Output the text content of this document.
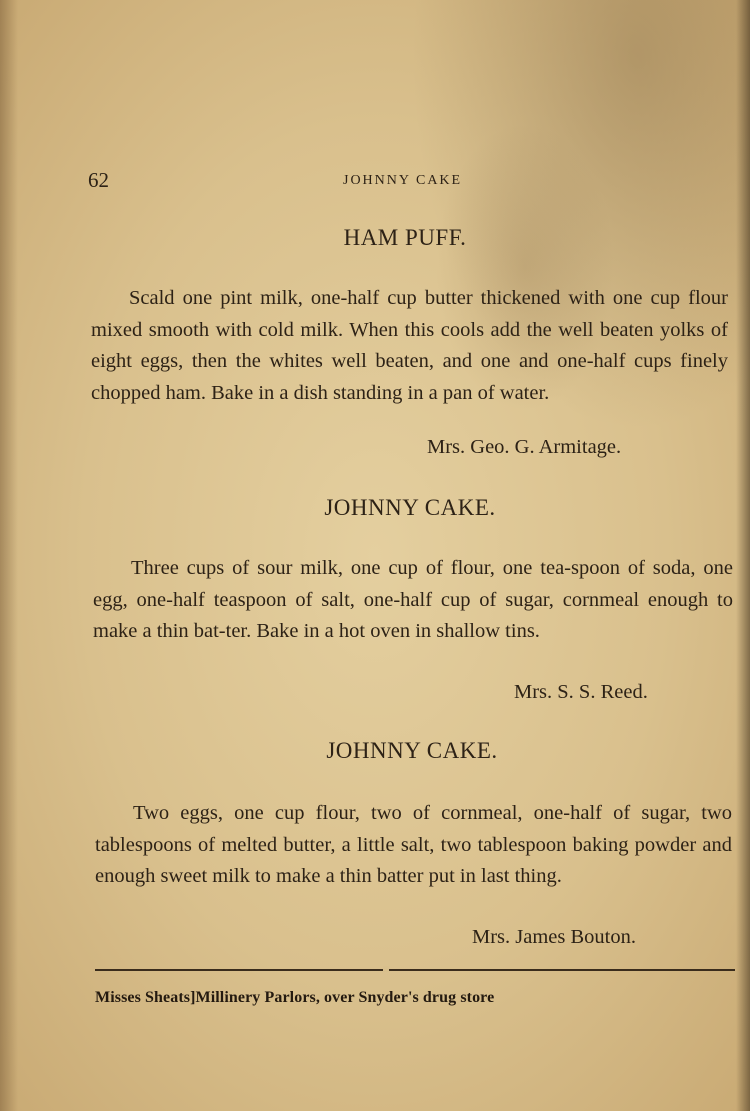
62	JOHNNY CAKE
HAM PUFF.

Scald one pint milk, one-half cup butter thickened with one cup flour mixed smooth with cold milk. When this cools add the well beaten yolks of eight eggs, then the whites well beaten, and one and one-half cups finely chopped ham. Bake in a dish standing in a pan of water.

Mrs. Geo. G. Armitage.
JOHNNY CAKE.

Three cups of sour milk, one cup of flour, one tea-spoon of soda, one egg, one-half teaspoon of salt, one-half cup of sugar, cornmeal enough to make a thin bat-ter. Bake in a hot oven in shallow tins.

Mrs. S. S. Reed.
JOHNNY CAKE.

Two eggs, one cup flour, two of cornmeal, one-half of sugar, two tablespoons of melted butter, a little salt, two tablespoon baking powder and enough sweet milk to make a thin batter put in last thing.

Mrs. James Bouton.
Misses Sheats]Millinery Parlors, over Snyder's drug store
